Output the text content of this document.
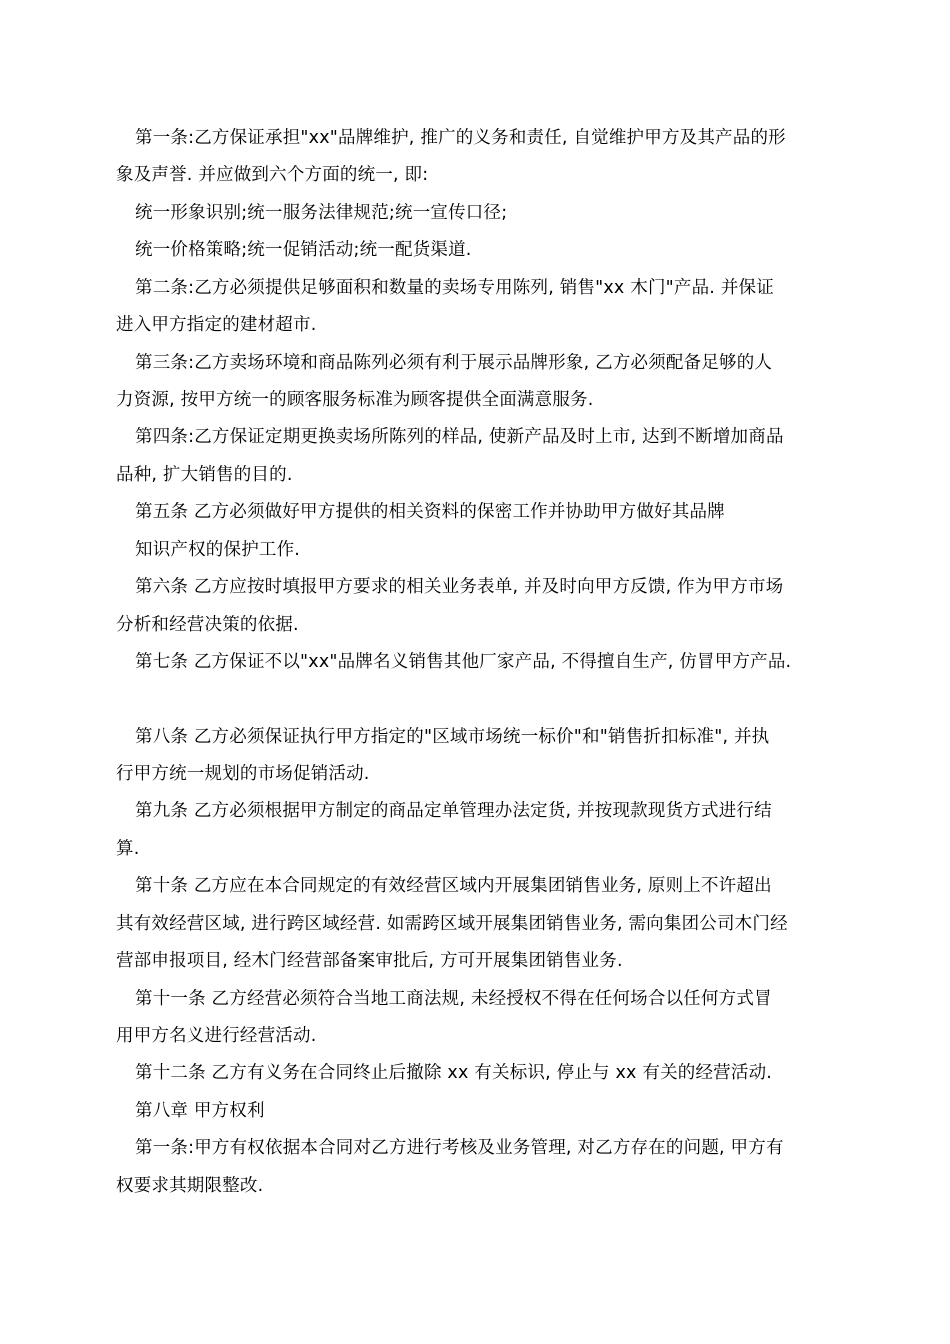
第一条:乙方保证承担"xx"品牌维护, 推广的义务和责任, 自觉维护甲方及其产品的形
象及声誉. 并应做到六个方面的统一, 即:
统一形象识别;统一服务法律规范;统一宣传口径;
统一价格策略;统一促销活动;统一配货渠道.
第二条:乙方必须提供足够面积和数量的卖场专用陈列, 销售"xx 木门"产品. 并保证
进入甲方指定的建材超市.
第三条:乙方卖场环境和商品陈列必须有利于展示品牌形象, 乙方必须配备足够的人
力资源, 按甲方统一的顾客服务标准为顾客提供全面满意服务.
第四条:乙方保证定期更换卖场所陈列的样品, 使新产品及时上市, 达到不断增加商品
品种, 扩大销售的目的.
第五条 乙方必须做好甲方提供的相关资料的保密工作并协助甲方做好其品牌
知识产权的保护工作.
第六条 乙方应按时填报甲方要求的相关业务表单, 并及时向甲方反馈, 作为甲方市场
分析和经营决策的依据.
第七条 乙方保证不以"xx"品牌名义销售其他厂家产品, 不得擅自生产, 仿冒甲方产品.
第八条 乙方必须保证执行甲方指定的"区域市场统一标价"和"销售折扣标准", 并执
行甲方统一规划的市场促销活动.
第九条 乙方必须根据甲方制定的商品定单管理办法定货, 并按现款现货方式进行结
算.
第十条 乙方应在本合同规定的有效经营区域内开展集团销售业务, 原则上不许超出
其有效经营区域, 进行跨区域经营. 如需跨区域开展集团销售业务, 需向集团公司木门经
营部申报项目, 经木门经营部备案审批后, 方可开展集团销售业务.
第十一条 乙方经营必须符合当地工商法规, 未经授权不得在任何场合以任何方式冒
用甲方名义进行经营活动.
第十二条 乙方有义务在合同终止后撤除 xx 有关标识, 停止与 xx 有关的经营活动.
第八章 甲方权利
第一条:甲方有权依据本合同对乙方进行考核及业务管理, 对乙方存在的问题, 甲方有
权要求其期限整改.
